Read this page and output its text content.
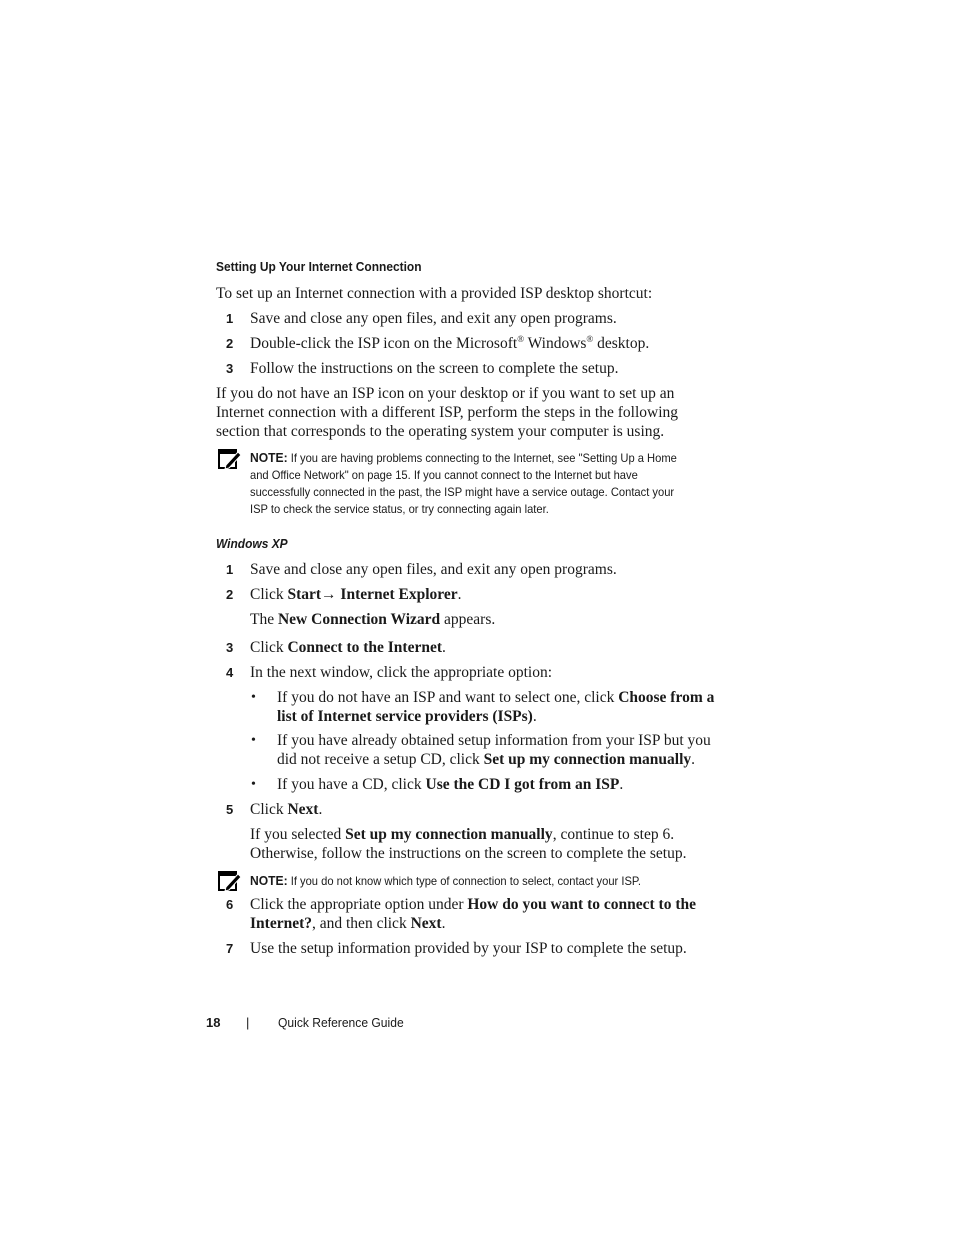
Setting Up Your Internet Connection
To set up an Internet connection with a provided ISP desktop shortcut:
1 Save and close any open files, and exit any open programs.
2 Double-click the ISP icon on the Microsoft® Windows® desktop.
3 Follow the instructions on the screen to complete the setup.
If you do not have an ISP icon on your desktop or if you want to set up an Internet connection with a different ISP, perform the steps in the following section that corresponds to the operating system your computer is using.
NOTE: If you are having problems connecting to the Internet, see "Setting Up a Home and Office Network" on page 15. If you cannot connect to the Internet but have successfully connected in the past, the ISP might have a service outage. Contact your ISP to check the service status, or try connecting again later.
Windows XP
1 Save and close any open files, and exit any open programs.
2 Click Start→ Internet Explorer.
The New Connection Wizard appears.
3 Click Connect to the Internet.
4 In the next window, click the appropriate option:
• If you do not have an ISP and want to select one, click Choose from a list of Internet service providers (ISPs).
• If you have already obtained setup information from your ISP but you did not receive a setup CD, click Set up my connection manually.
• If you have a CD, click Use the CD I got from an ISP.
5 Click Next.
If you selected Set up my connection manually, continue to step 6. Otherwise, follow the instructions on the screen to complete the setup.
NOTE: If you do not know which type of connection to select, contact your ISP.
6 Click the appropriate option under How do you want to connect to the Internet?, and then click Next.
7 Use the setup information provided by your ISP to complete the setup.
18 | Quick Reference Guide
